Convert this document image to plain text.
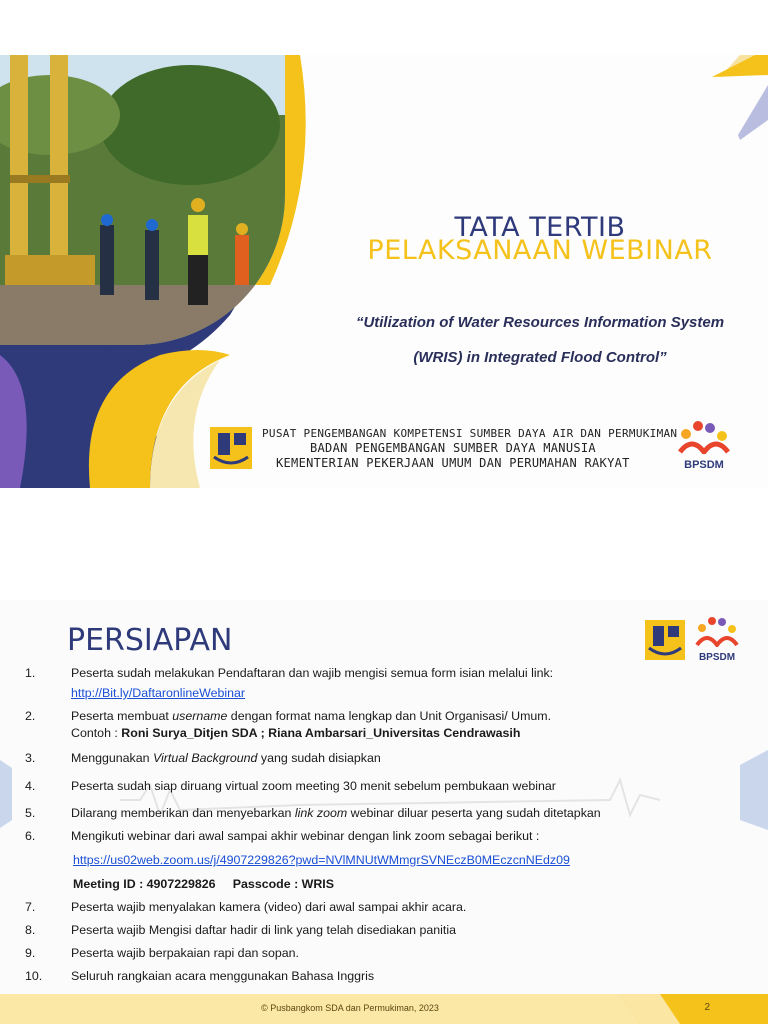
TATA TERTIB
PELAKSANAAN WEBINAR
“Utilization of Water Resources Information System
(WRIS) in Integrated Flood Control”
PUSAT PENGEMBANGAN KOMPETENSI SUMBER DAYA AIR DAN PERMUKIMAN
BADAN PENGEMBANGAN SUMBER DAYA MANUSIA
KEMENTERIAN PEKERJAAN UMUM DAN PERUMAHAN RAKYAT	BPSDM
PERSIAPAN	BPSDM
1.	Peserta sudah melakukan Pendaftaran dan wajib mengisi semua form isian melalui link:
http://Bit.ly/DaftaronlineWebinar
2.	Peserta membuat username dengan format nama lengkap dan Unit Organisasi/ Umum.
Contoh : Roni Surya_Ditjen SDA ; Riana Ambarsari_Universitas Cendrawasih
3.	Menggunakan Virtual Background yang sudah disiapkan
4.	Peserta sudah siap diruang virtual zoom meeting 30 menit sebelum pembukaan webinar
5.	Dilarang memberikan dan menyebarkan link zoom webinar diluar peserta yang sudah ditetapkan
6.	Mengikuti webinar dari awal sampai akhir webinar dengan link zoom sebagai berikut :
https://us02web.zoom.us/j/4907229826?pwd=NVlMNUtWMmgrSVNEczB0MEczcnNEdz09
Meeting ID : 4907229826     Passcode : WRIS
7.	Peserta wajib menyalakan kamera (video) dari awal sampai akhir acara.
8.	Peserta wajib Mengisi daftar hadir di link yang telah disediakan panitia
9.	Peserta wajib berpakaian rapi dan sopan.
10. Seluruh rangkaian acara menggunakan Bahasa Inggris
© Pusbangkom SDA dan Permukiman, 2023	2
